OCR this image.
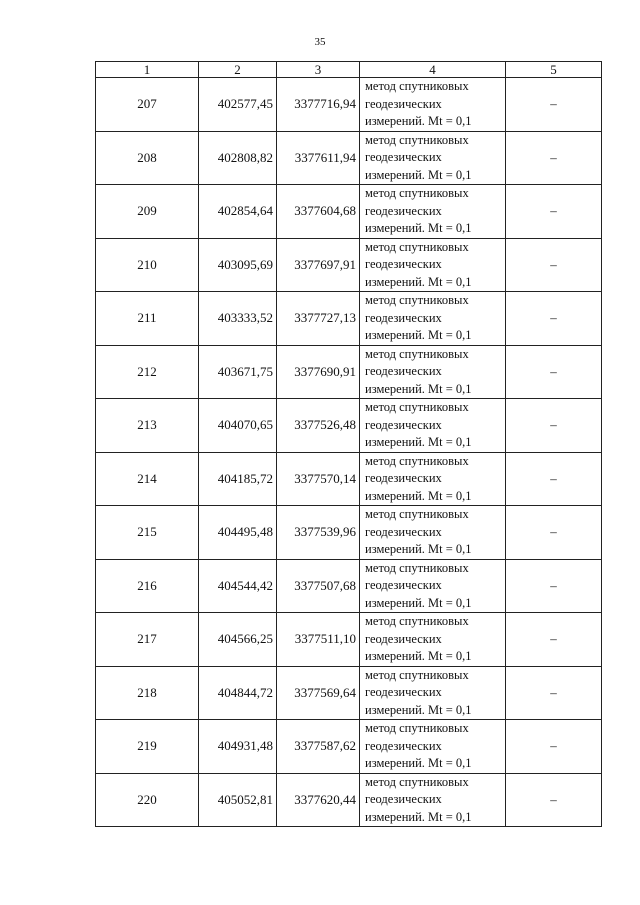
35
1	2	3	4	5
207	402577,45	3377716,94	метод спутниковых
геодезических
измерений. Mt = 0,1	–
208	402808,82	3377611,94	метод спутниковых
геодезических
измерений. Mt = 0,1	–
209	402854,64	3377604,68	метод спутниковых
геодезических
измерений. Mt = 0,1	–
210	403095,69	3377697,91	метод спутниковых
геодезических
измерений. Mt = 0,1	–
211	403333,52	3377727,13	метод спутниковых
геодезических
измерений. Mt = 0,1	–
212	403671,75	3377690,91	метод спутниковых
геодезических
измерений. Mt = 0,1	–
213	404070,65	3377526,48	метод спутниковых
геодезических
измерений. Mt = 0,1	–
214	404185,72	3377570,14	метод спутниковых
геодезических
измерений. Mt = 0,1	–
215	404495,48	3377539,96	метод спутниковых
геодезических
измерений. Mt = 0,1	–
216	404544,42	3377507,68	метод спутниковых
геодезических
измерений. Mt = 0,1	–
217	404566,25	3377511,10	метод спутниковых
геодезических
измерений. Mt = 0,1	–
218	404844,72	3377569,64	метод спутниковых
геодезических
измерений. Mt = 0,1	–
219	404931,48	3377587,62	метод спутниковых
геодезических
измерений. Mt = 0,1	–
220	405052,81	3377620,44	метод спутниковых
геодезических
измерений. Mt = 0,1	–
